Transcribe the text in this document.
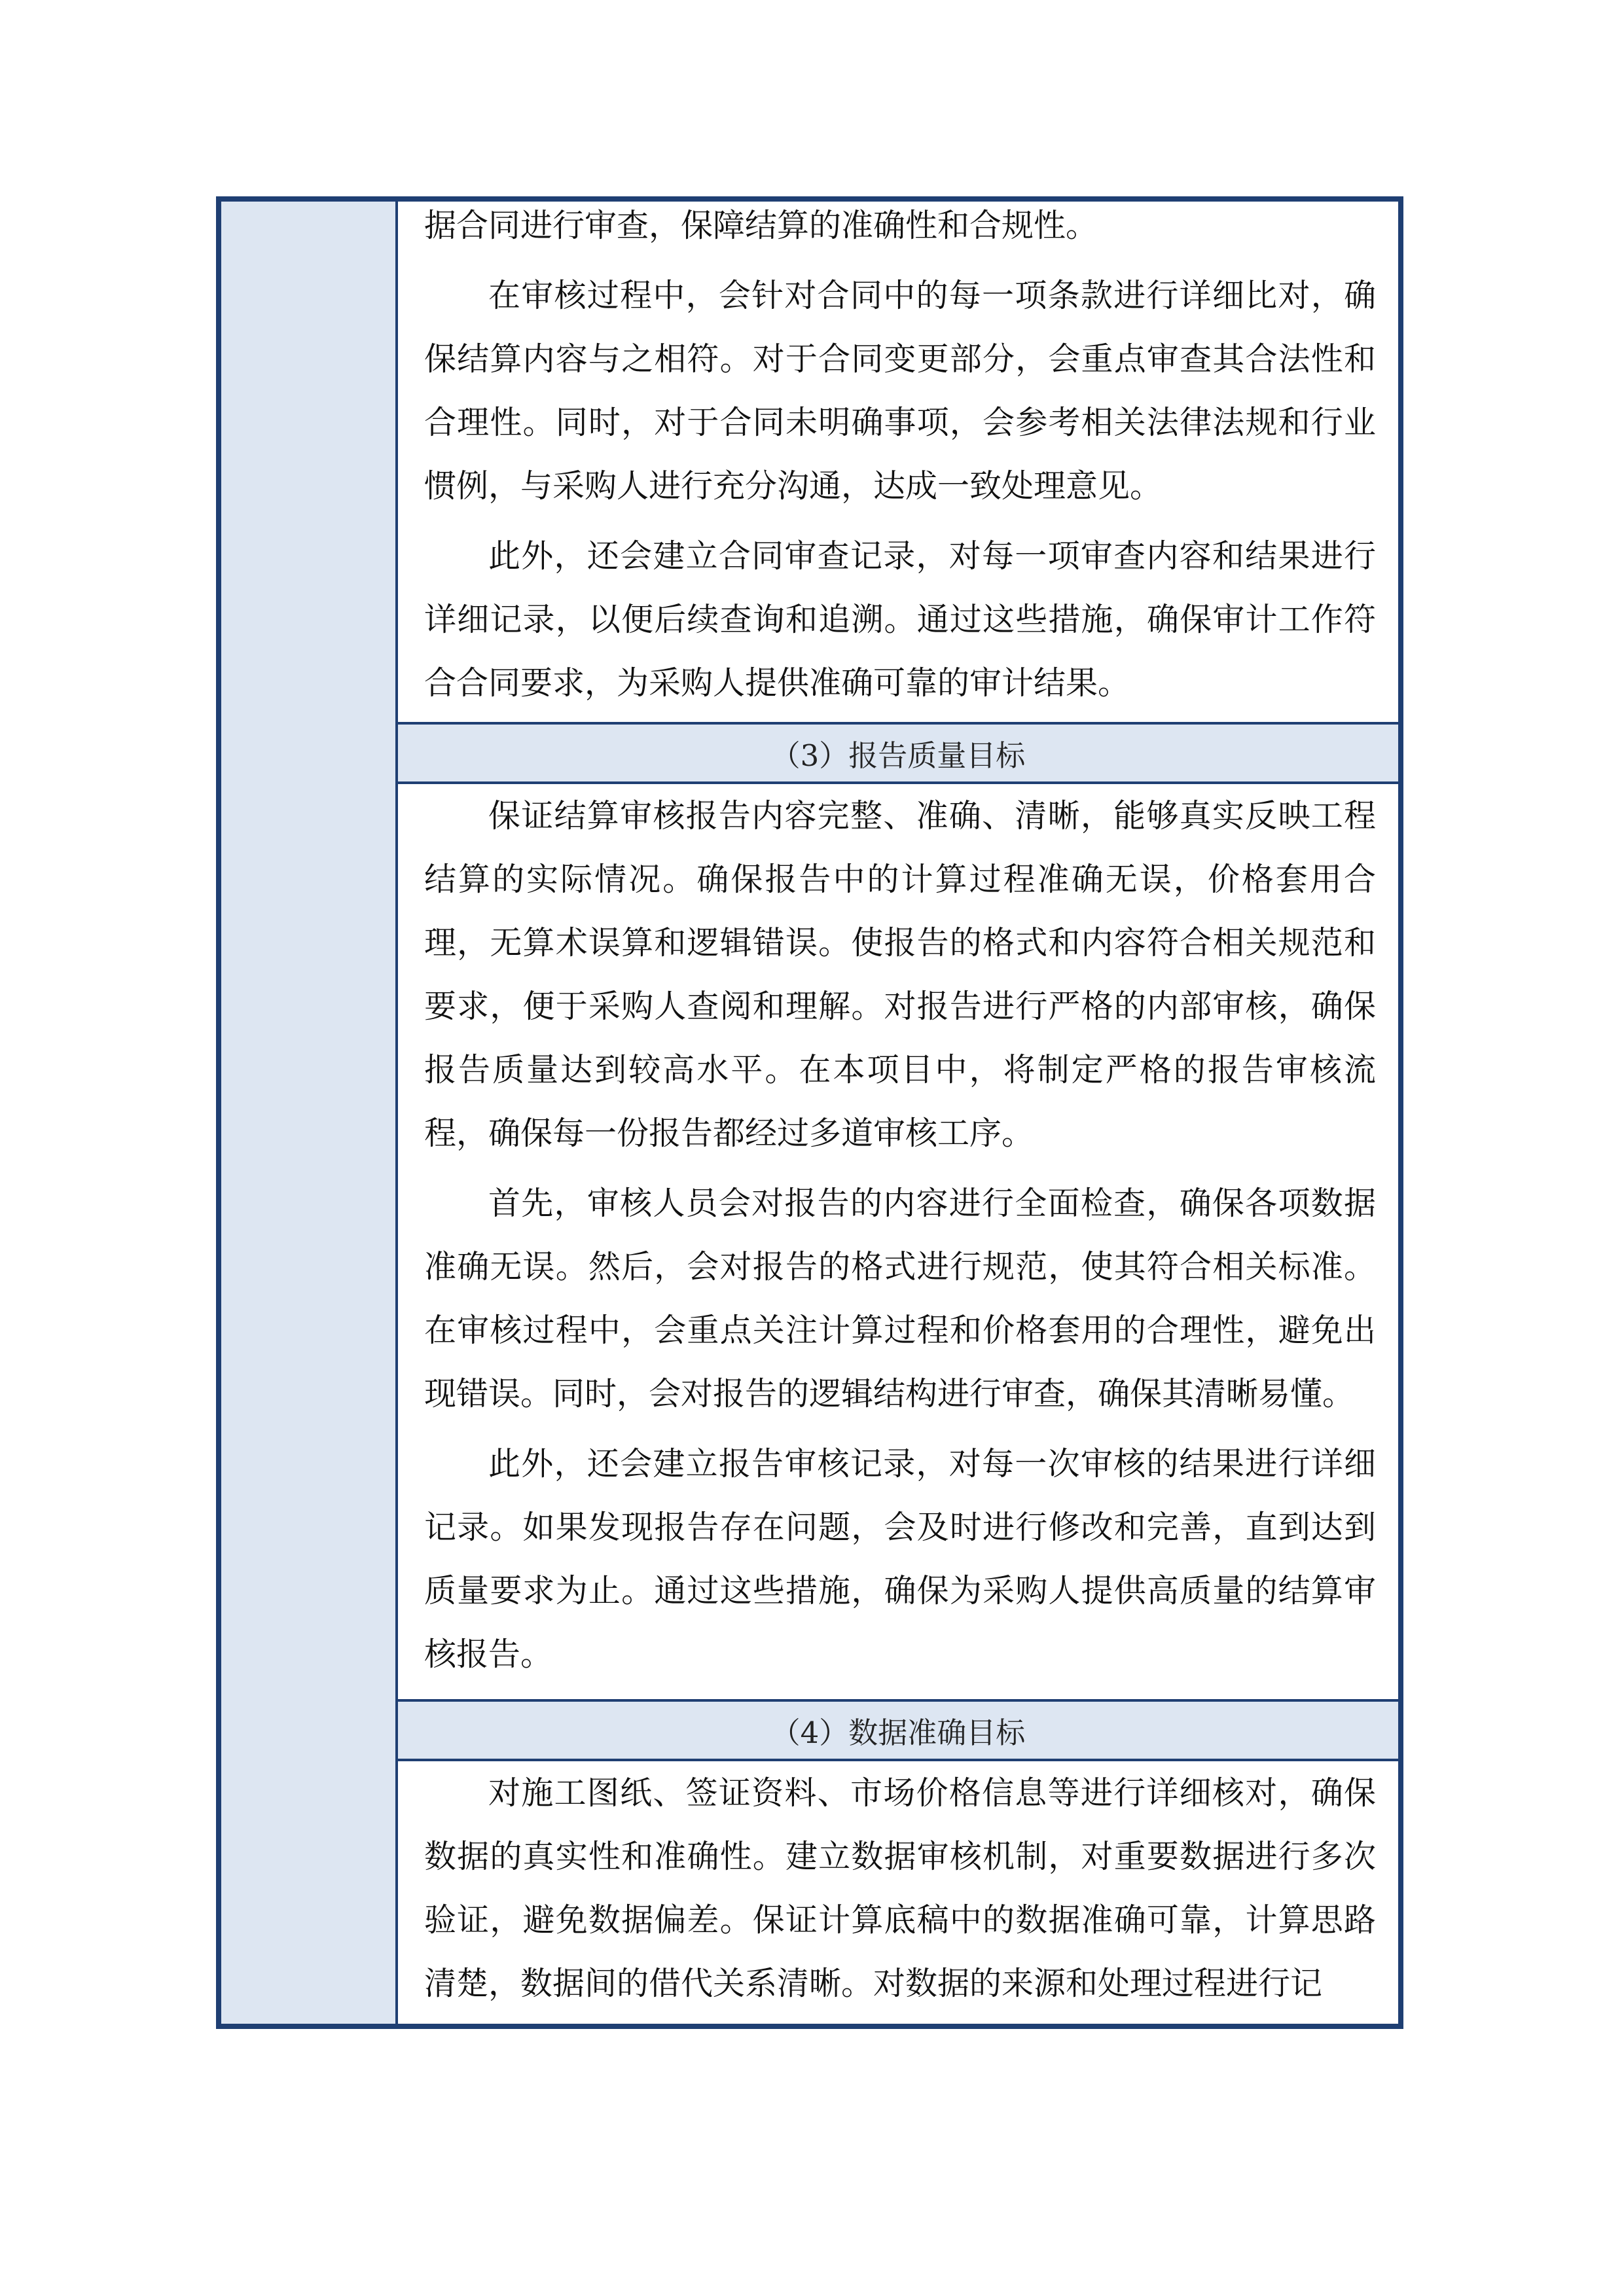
据合同进行审查，保障结算的准确性和合规性。

在审核过程中，会针对合同中的每一项条款进行详细比对，确保结算内容与之相符。对于合同变更部分，会重点审查其合法性和合理性。同时，对于合同未明确事项，会参考相关法律法规和行业惯例，与采购人进行充分沟通，达成一致处理意见。

此外，还会建立合同审查记录，对每一项审查内容和结果进行详细记录，以便后续查询和追溯。通过这些措施，确保审计工作符合合同要求，为采购人提供准确可靠的审计结果。

（3）报告质量目标

保证结算审核报告内容完整、准确、清晰，能够真实反映工程结算的实际情况。确保报告中的计算过程准确无误，价格套用合理，无算术误算和逻辑错误。使报告的格式和内容符合相关规范和要求，便于采购人查阅和理解。对报告进行严格的内部审核，确保报告质量达到较高水平。在本项目中，将制定严格的报告审核流程，确保每一份报告都经过多道审核工序。

首先，审核人员会对报告的内容进行全面检查，确保各项数据准确无误。然后，会对报告的格式进行规范，使其符合相关标准。在审核过程中，会重点关注计算过程和价格套用的合理性，避免出现错误。同时，会对报告的逻辑结构进行审查，确保其清晰易懂。

此外，还会建立报告审核记录，对每一次审核的结果进行详细记录。如果发现报告存在问题，会及时进行修改和完善，直到达到质量要求为止。通过这些措施，确保为采购人提供高质量的结算审核报告。

（4）数据准确目标

对施工图纸、签证资料、市场价格信息等进行详细核对，确保数据的真实性和准确性。建立数据审核机制，对重要数据进行多次验证，避免数据偏差。保证计算底稿中的数据准确可靠，计算思路清楚，数据间的借代关系清晰。对数据的来源和处理过程进行记
